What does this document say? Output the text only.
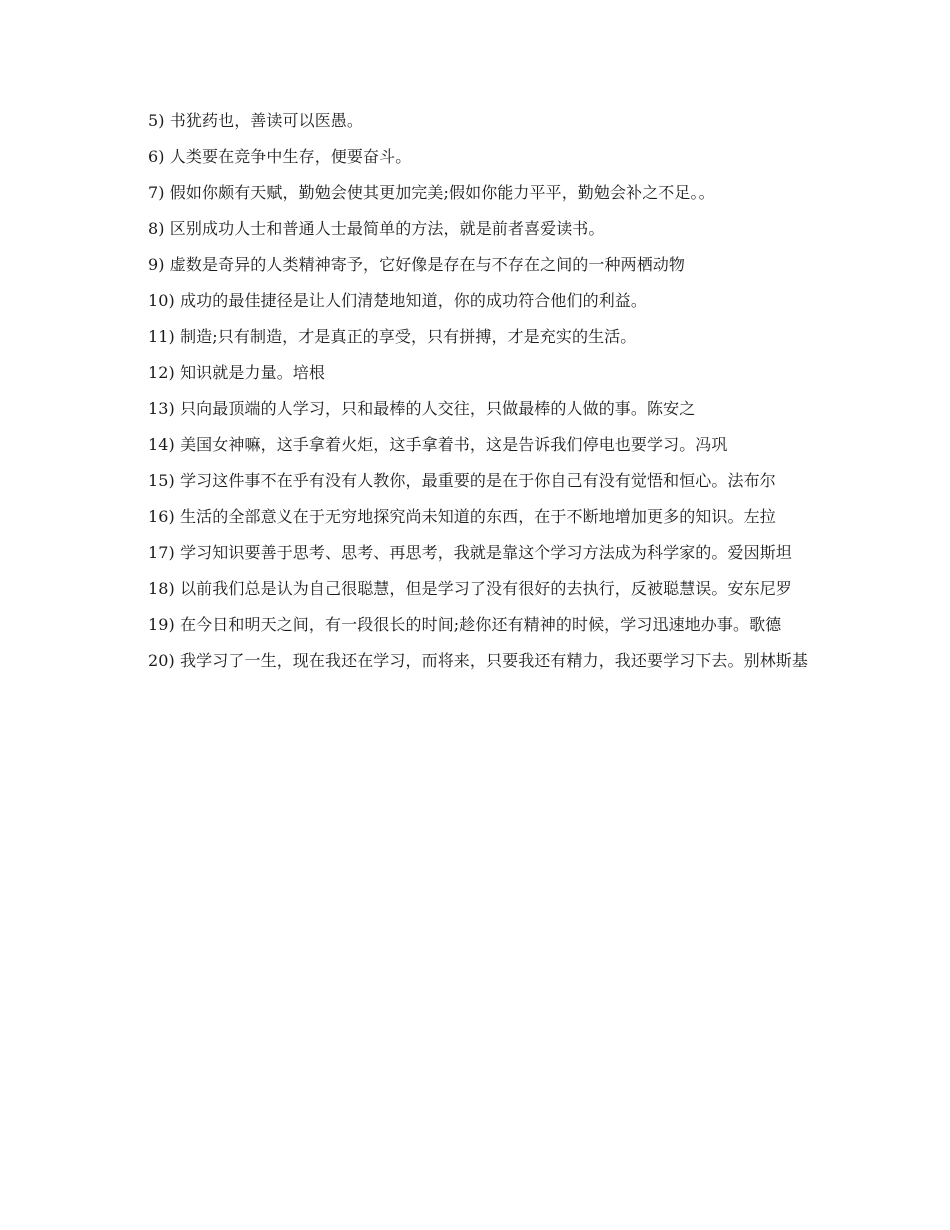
5) 书犹药也，善读可以医愚。

6) 人类要在竞争中生存，便要奋斗。

7) 假如你颇有天赋，勤勉会使其更加完美;假如你能力平平，勤勉会补之不足。。

8) 区别成功人士和普通人士最简单的方法，就是前者喜爱读书。

9) 虚数是奇异的人类精神寄予，它好像是存在与不存在之间的一种两栖动物

10) 成功的最佳捷径是让人们清楚地知道，你的成功符合他们的利益。

11) 制造;只有制造，才是真正的享受，只有拼搏，才是充实的生活。

12) 知识就是力量。培根

13) 只向最顶端的人学习，只和最棒的人交往，只做最棒的人做的事。陈安之

14) 美国女神嘛，这手拿着火炬，这手拿着书，这是告诉我们停电也要学习。冯巩

15) 学习这件事不在乎有没有人教你，最重要的是在于你自己有没有觉悟和恒心。法布尔

16) 生活的全部意义在于无穷地探究尚未知道的东西，在于不断地增加更多的知识。左拉

17) 学习知识要善于思考、思考、再思考，我就是靠这个学习方法成为科学家的。爱因斯坦

18) 以前我们总是认为自己很聪慧，但是学习了没有很好的去执行，反被聪慧误。安东尼罗

19) 在今日和明天之间，有一段很长的时间;趁你还有精神的时候，学习迅速地办事。歌德

20) 我学习了一生，现在我还在学习，而将来，只要我还有精力，我还要学习下去。别林斯基
